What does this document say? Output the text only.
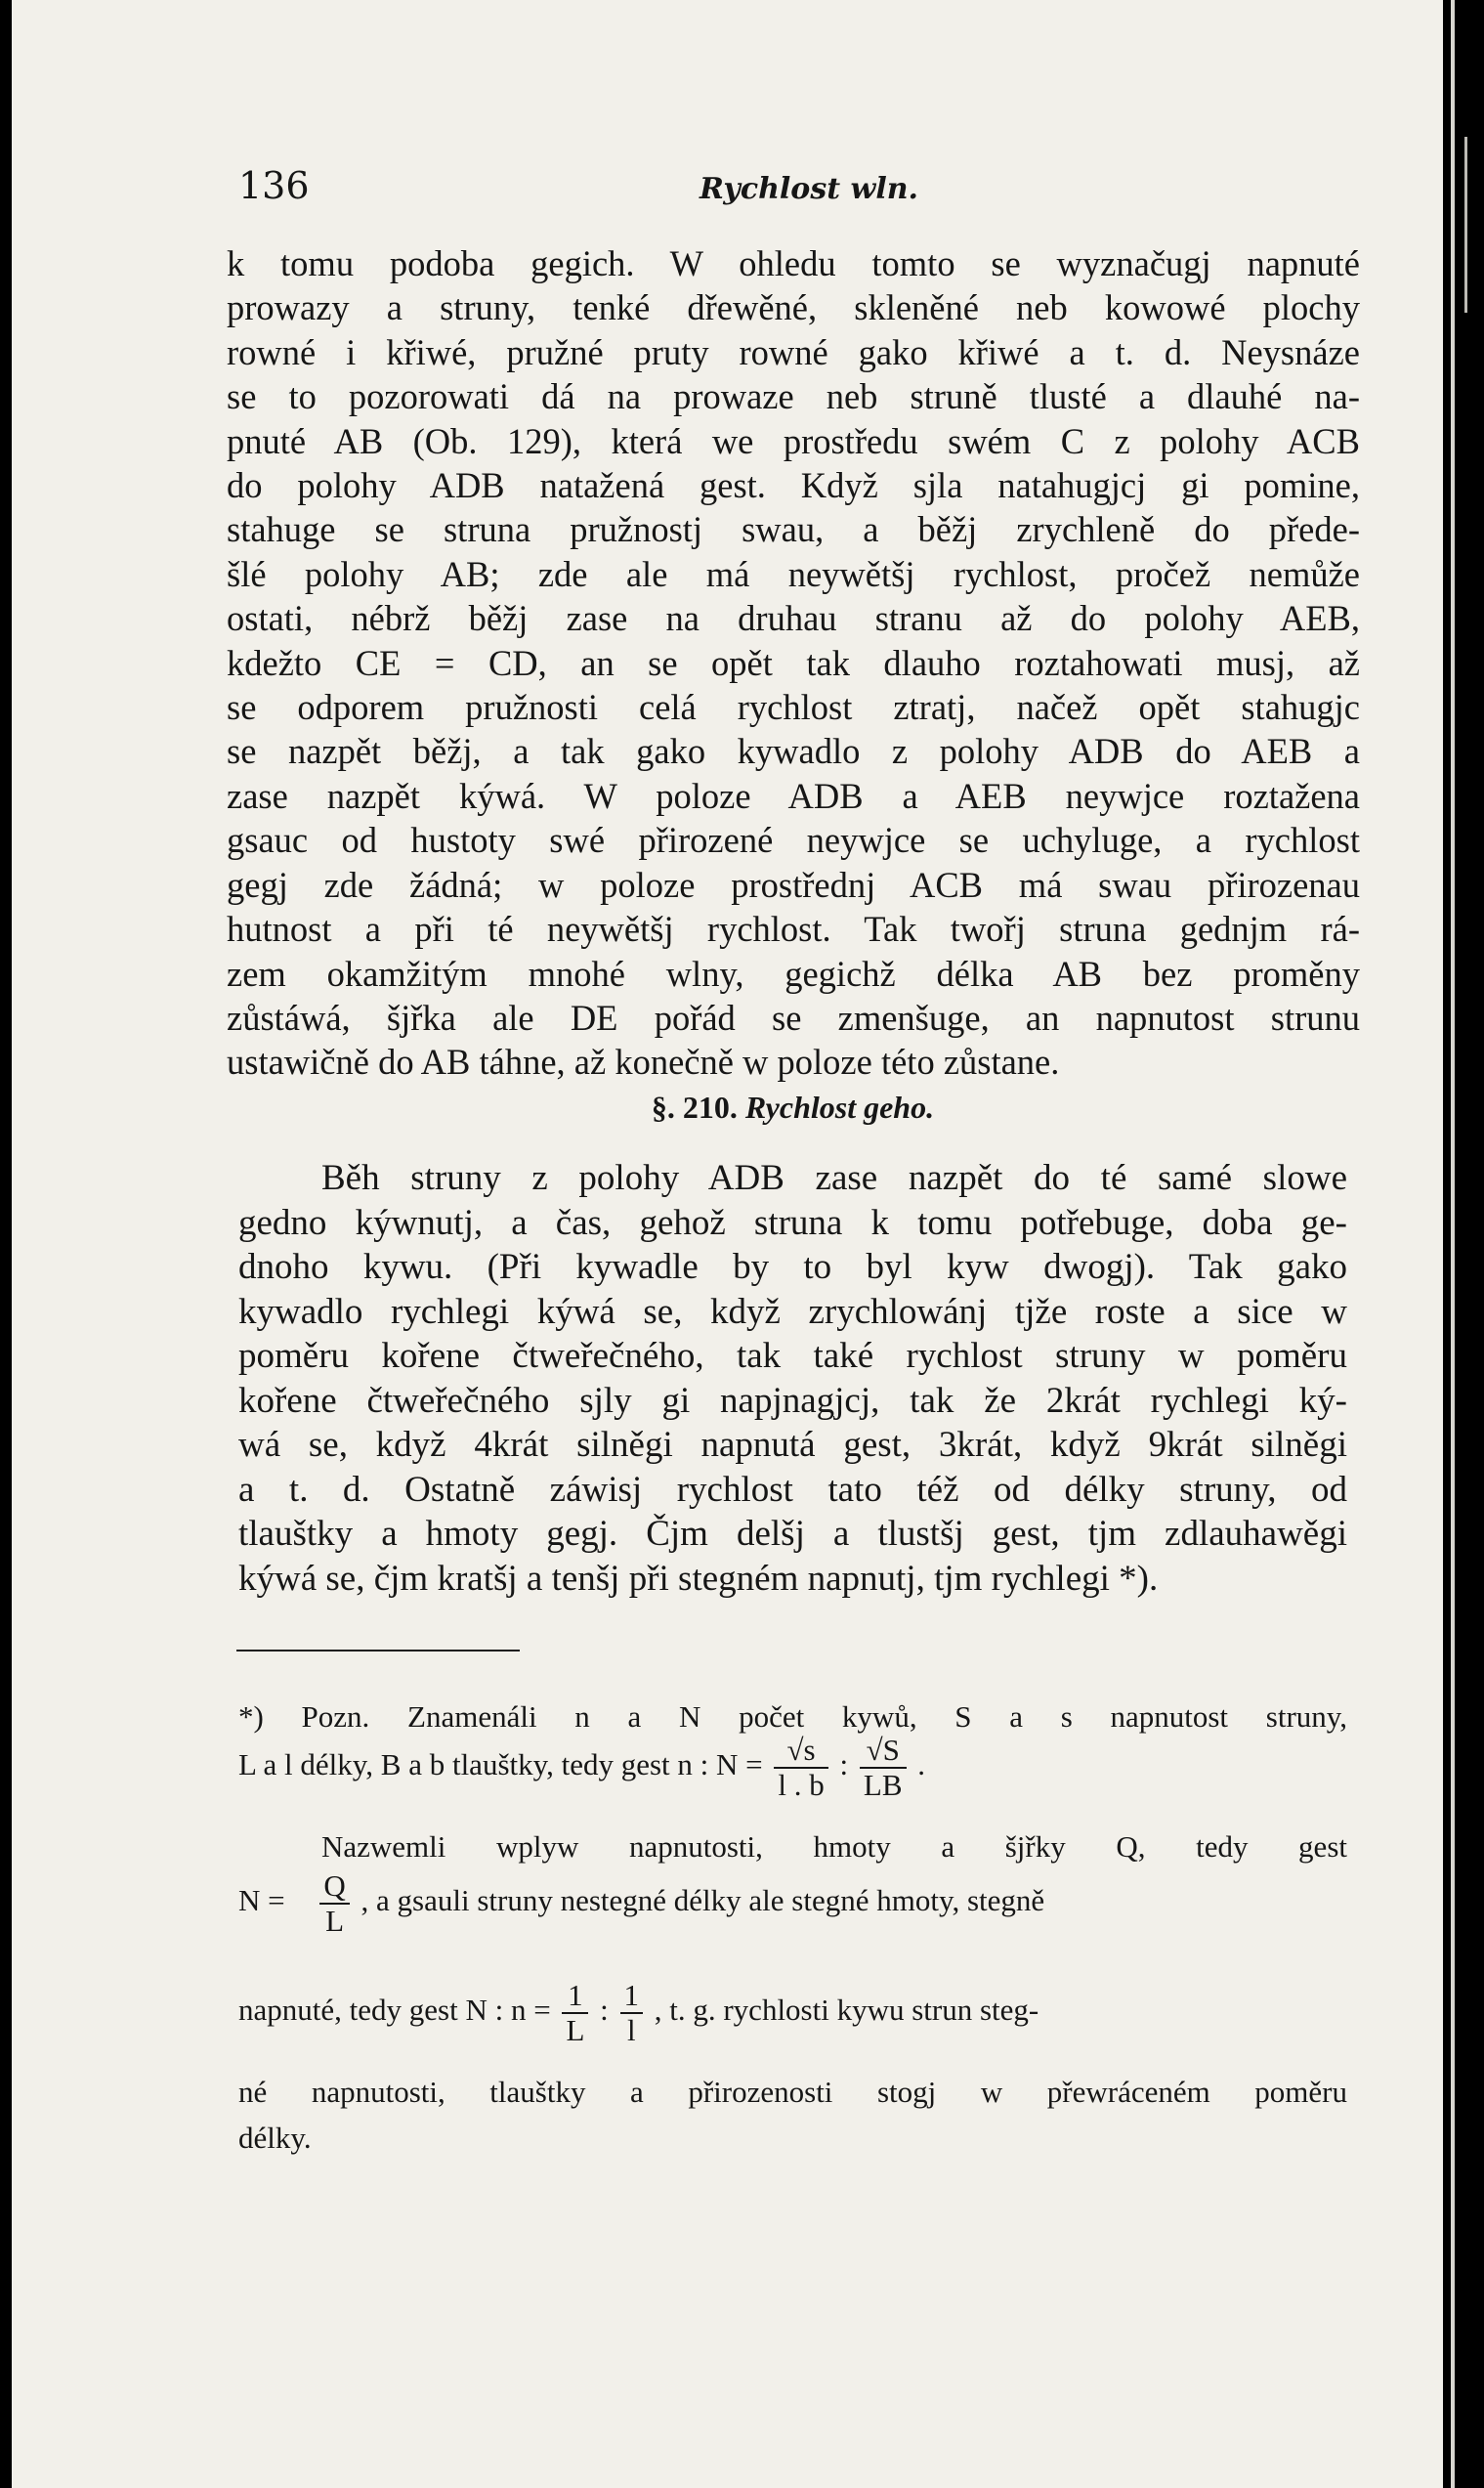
136	Rychlost wln.
k tomu podoba gegich. W ohledu tomto se wyznačugj napnuté
prowazy a struny, tenké dřewěné, skleněné neb kowowé plochy
rowné i křiwé, pružné pruty rowné gako křiwé a t. d. Neysnáze
se to pozorowati dá na prowaze neb struně tlusté a dlauhé na-
pnuté AB (Ob. 129), která we prostředu swém C z polohy ACB
do polohy ADB natažená gest. Když sjla natahugjcj gi pomine,
stahuge se struna pružnostj swau, a běžj zrychleně do přede-
šlé polohy AB; zde ale má neywětšj rychlost, pročež nemůže
ostati, nébrž běžj zase na druhau stranu až do polohy AEB,
kdežto CE = CD, an se opět tak dlauho roztahowati musj, až
se odporem pružnosti celá rychlost ztratj, načež opět stahugjc
se nazpět běžj, a tak gako kywadlo z polohy ADB do AEB a
zase nazpět kýwá. W poloze ADB a AEB neywjce roztažena
gsauc od hustoty swé přirozené neywjce se uchyluge, a rychlost
gegj zde žádná; w poloze prostřednj ACB má swau přirozenau
hutnost a při té neywětšj rychlost. Tak twořj struna gednjm rá-
zem okamžitým mnohé wlny, gegichž délka AB bez proměny
zůstáwá, šjřka ale DE pořád se zmenšuge, an napnutost strunu
ustawičně do AB táhne, až konečně w poloze této zůstane.
§. 210. Rychlost geho.
Běh struny z polohy ADB zase nazpět do té samé slowe
gedno kýwnutj, a čas, gehož struna k tomu potřebuge, doba ge-
dnoho kywu. (Při kywadle by to byl kyw dwogj). Tak gako
kywadlo rychlegi kýwá se, když zrychlowánj tjže roste a sice w
poměru kořene čtweřečného, tak také rychlost struny w poměru
kořene čtweřečného sjly gi napjnagjcj, tak že 2krát rychlegi ký-
wá se, když 4krát silněgi napnutá gest, 3krát, když 9krát silněgi
a t. d. Ostatně záwisj rychlost tato též od délky struny, od
tlauštky a hmoty gegj. Čjm delšj a tlustšj gest, tjm zdlauhawěgi
kýwá se, čjm kratšj a tenšj při stegném napnutj, tjm rychlegi *).
*) Pozn. Znamenáli n a N počet kywů, S a s napnutost struny,
L a l délky, B a b tlauštky, tedy gest n : $N = \frac{√s}{l . b}$ : $\frac{√S}{LB}$ .
Nazwemli wplyw napnutosti, hmoty a šjřky Q, tedy gest
$N = \frac{Q}{L}$ , a gsauli struny nestegné délky ale stegné hmoty, stegně
napnuté, tedy gest N : $n = \frac{1}{L}$ : $\frac{1}{l}$ , t. g. rychlosti kywu strun steg-
né napnutosti, tlauštky a přirozenosti stogj w přewráceném poměru
délky.
